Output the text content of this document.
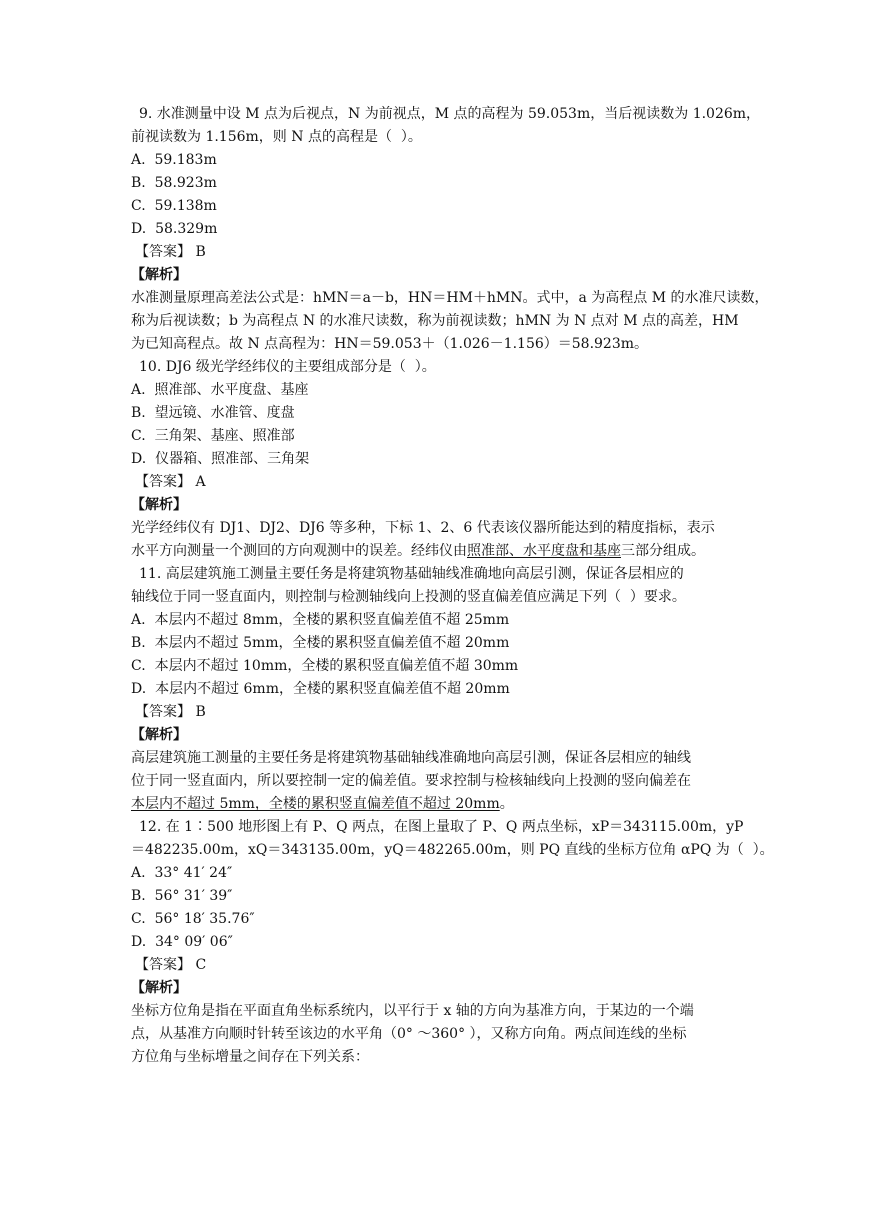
9. 水准测量中设 M 点为后视点，N 为前视点，M 点的高程为 59.053m，当后视读数为 1.026m，
前视读数为 1.156m，则 N 点的高程是（  ）。
A.  59.183m
B.  58.923m
C.  59.138m
D.  58.329m
【答案】 B
【解析】
水准测量原理高差法公式是：hMN＝a－b，HN＝HM＋hMN。式中，a 为高程点 M 的水准尺读数，
称为后视读数；b 为高程点 N 的水准尺读数，称为前视读数；hMN 为 N 点对 M 点的高差，HM
为已知高程点。故 N 点高程为：HN＝59.053＋（1.026－1.156）＝58.923m。
10. DJ6 级光学经纬仪的主要组成部分是（  ）。
A.  照准部、水平度盘、基座
B.  望远镜、水准管、度盘
C.  三角架、基座、照准部
D.  仪器箱、照准部、三角架
【答案】 A
【解析】
光学经纬仪有 DJ1、DJ2、DJ6 等多种，下标 1、2、6 代表该仪器所能达到的精度指标，表示
水平方向测量一个测回的方向观测中的误差。经纬仪由照准部、水平度盘和基座三部分组成。
11. 高层建筑施工测量主要任务是将建筑物基础轴线准确地向高层引测，保证各层相应的
轴线位于同一竖直面内，则控制与检测轴线向上投测的竖直偏差值应满足下列（  ）要求。
A.  本层内不超过 8mm，全楼的累积竖直偏差值不超 25mm
B.  本层内不超过 5mm，全楼的累积竖直偏差值不超 20mm
C.  本层内不超过 10mm，全楼的累积竖直偏差值不超 30mm
D.  本层内不超过 6mm，全楼的累积竖直偏差值不超 20mm
【答案】 B
【解析】
高层建筑施工测量的主要任务是将建筑物基础轴线准确地向高层引测，保证各层相应的轴线
位于同一竖直面内，所以要控制一定的偏差值。要求控制与检核轴线向上投测的竖向偏差在
本层内不超过 5mm，全楼的累积竖直偏差值不超过 20mm。
12. 在 1∶500 地形图上有 P、Q 两点，在图上量取了 P、Q 两点坐标，xP＝343115.00m，yP
＝482235.00m，xQ＝343135.00m，yQ＝482265.00m，则 PQ 直线的坐标方位角 αPQ 为（  ）。
A.  33° 41′ 24″
B.  56° 31′ 39″
C.  56° 18′ 35.76″
D.  34° 09′ 06″
【答案】 C
【解析】
坐标方位角是指在平面直角坐标系统内，以平行于 x 轴的方向为基准方向，于某边的一个端
点，从基准方向顺时针转至该边的水平角（0° ～360° ），又称方向角。两点间连线的坐标
方位角与坐标增量之间存在下列关系：
